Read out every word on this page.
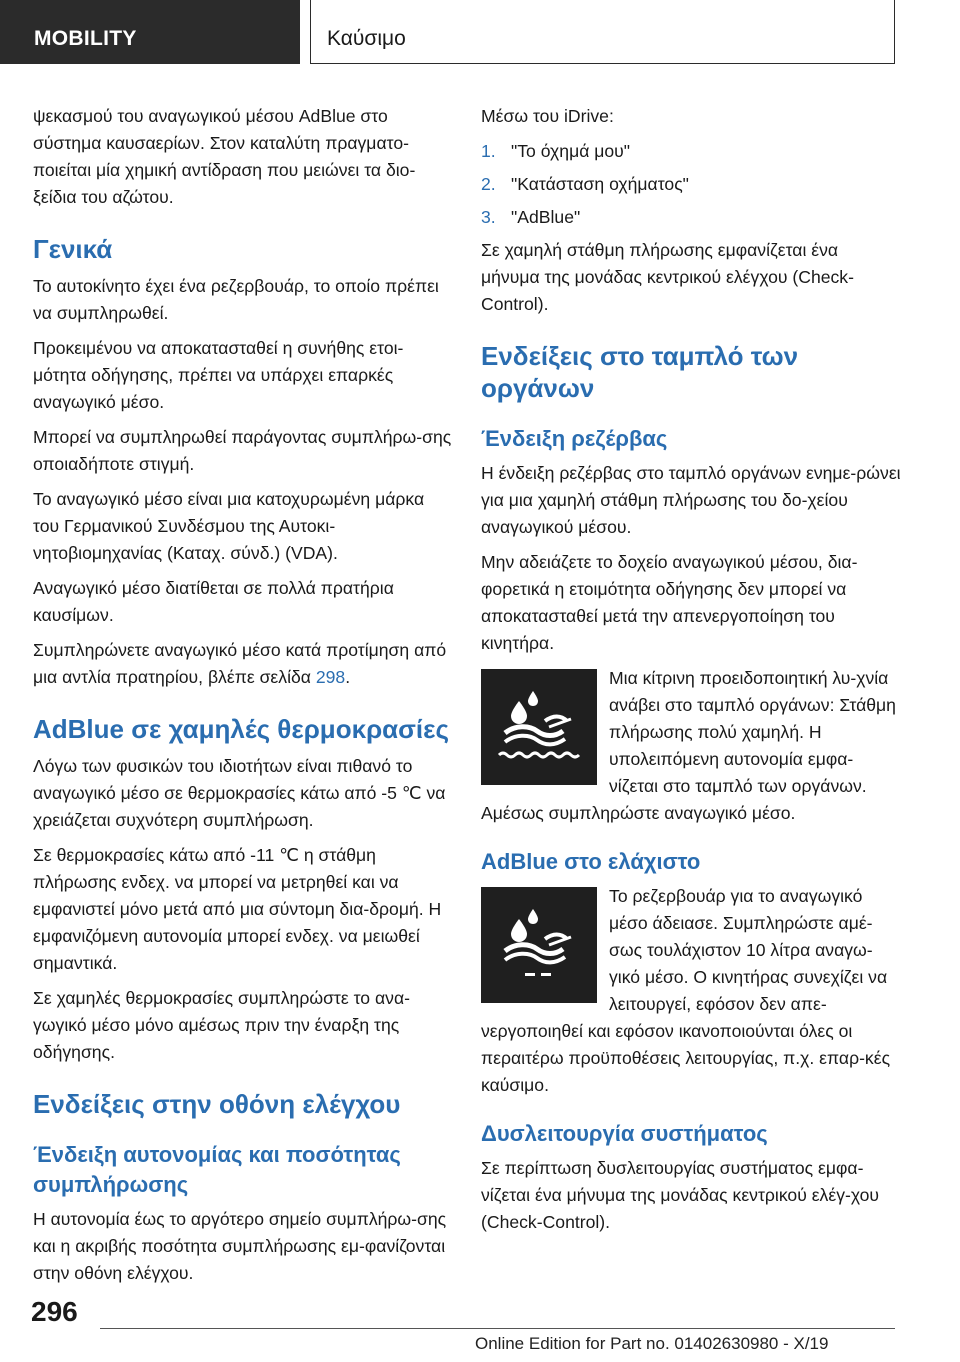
MOBILITY	Καύσιμο

ψεκασμού του αναγωγικού μέσου AdBlue στο σύστημα καυσαερίων. Στον καταλύτη πραγματο-ποιείται μία χημική αντίδραση που μειώνει τα διο-ξείδια του αζώτου.

Γενικά

Το αυτοκίνητο έχει ένα ρεζερβουάρ, το οποίο πρέπει να συμπληρωθεί.

Προκειμένου να αποκατασταθεί η συνήθης ετοι-μότητα οδήγησης, πρέπει να υπάρχει επαρκές αναγωγικό μέσο.

Μπορεί να συμπληρωθεί παράγοντας συμπλήρω-σης οποιαδήποτε στιγμή.

Το αναγωγικό μέσο είναι μια κατοχυρωμένη μάρκα του Γερμανικού Συνδέσμου της Αυτοκι-νητοβιομηχανίας (Καταχ. σύνδ.) (VDA).

Αναγωγικό μέσο διατίθεται σε πολλά πρατήρια καυσίμων.

Συμπληρώνετε αναγωγικό μέσο κατά προτίμηση από μια αντλία πρατηρίου, βλέπε σελίδα 298.

AdBlue σε χαμηλές θερμοκρασίες

Λόγω των φυσικών του ιδιοτήτων είναι πιθανό το αναγωγικό μέσο σε θερμοκρασίες κάτω από -5 ℃ να χρειάζεται συχνότερη συμπλήρωση.

Σε θερμοκρασίες κάτω από -11 ℃ η στάθμη πλήρωσης ενδεχ. να μπορεί να μετρηθεί και να εμφανιστεί μόνο μετά από μια σύντομη δια-δρομή. Η εμφανιζόμενη αυτονομία μπορεί ενδεχ. να μειωθεί σημαντικά.

Σε χαμηλές θερμοκρασίες συμπληρώστε το ανα-γωγικό μέσο μόνο αμέσως πριν την έναρξη της οδήγησης.

Ενδείξεις στην οθόνη ελέγχου
Ένδειξη αυτονομίας και ποσότητας συμπλήρωσης

Η αυτονομία έως το αργότερο σημείο συμπλήρω-σης και η ακριβής ποσότητα συμπλήρωσης εμ-φανίζονται στην οθόνη ελέγχου.

Μέσω του iDrive:

1. "Το όχημά μου"
2. "Κατάσταση οχήματος"
3. "AdBlue"

Σε χαμηλή στάθμη πλήρωσης εμφανίζεται ένα μήνυμα της μονάδας κεντρικού ελέγχου (Check-Control).

Ενδείξεις στο ταμπλό των οργάνων
Ένδειξη ρεζέρβας

Η ένδειξη ρεζέρβας στο ταμπλό οργάνων ενημε-ρώνει για μια χαμηλή στάθμη πλήρωσης του δο-χείου αναγωγικού μέσου.

Μην αδειάζετε το δοχείο αναγωγικού μέσου, δια-φορετικά η ετοιμότητα οδήγησης δεν μπορεί να αποκατασταθεί μετά την απενεργοποίηση του κινητήρα.

Μια κίτρινη προειδοποιητική λυ-χνία ανάβει στο ταμπλό οργάνων: Στάθμη πλήρωσης πολύ χαμηλή. Η υπολειπόμενη αυτονομία εμφα-νίζεται στο ταμπλό των οργάνων. Αμέσως συμπληρώστε αναγωγικό μέσο.

AdBlue στο ελάχιστο

Το ρεζερβουάρ για το αναγωγικό μέσο άδειασε. Συμπληρώστε αμέ-σως τουλάχιστον 10 λίτρα αναγω-γικό μέσο. Ο κινητήρας συνεχίζει να λειτουργεί, εφόσον δεν απε-νεργοποιηθεί και εφόσον ικανοποιούνται όλες οι περαιτέρω προϋποθέσεις λειτουργίας, π.χ. επαρ-κές καύσιμο.

Δυσλειτουργία συστήματος

Σε περίπτωση δυσλειτουργίας συστήματος εμφα-νίζεται ένα μήνυμα της μονάδας κεντρικού ελέγ-χου (Check-Control).

296
Online Edition for Part no. 01402630980 - X/19
